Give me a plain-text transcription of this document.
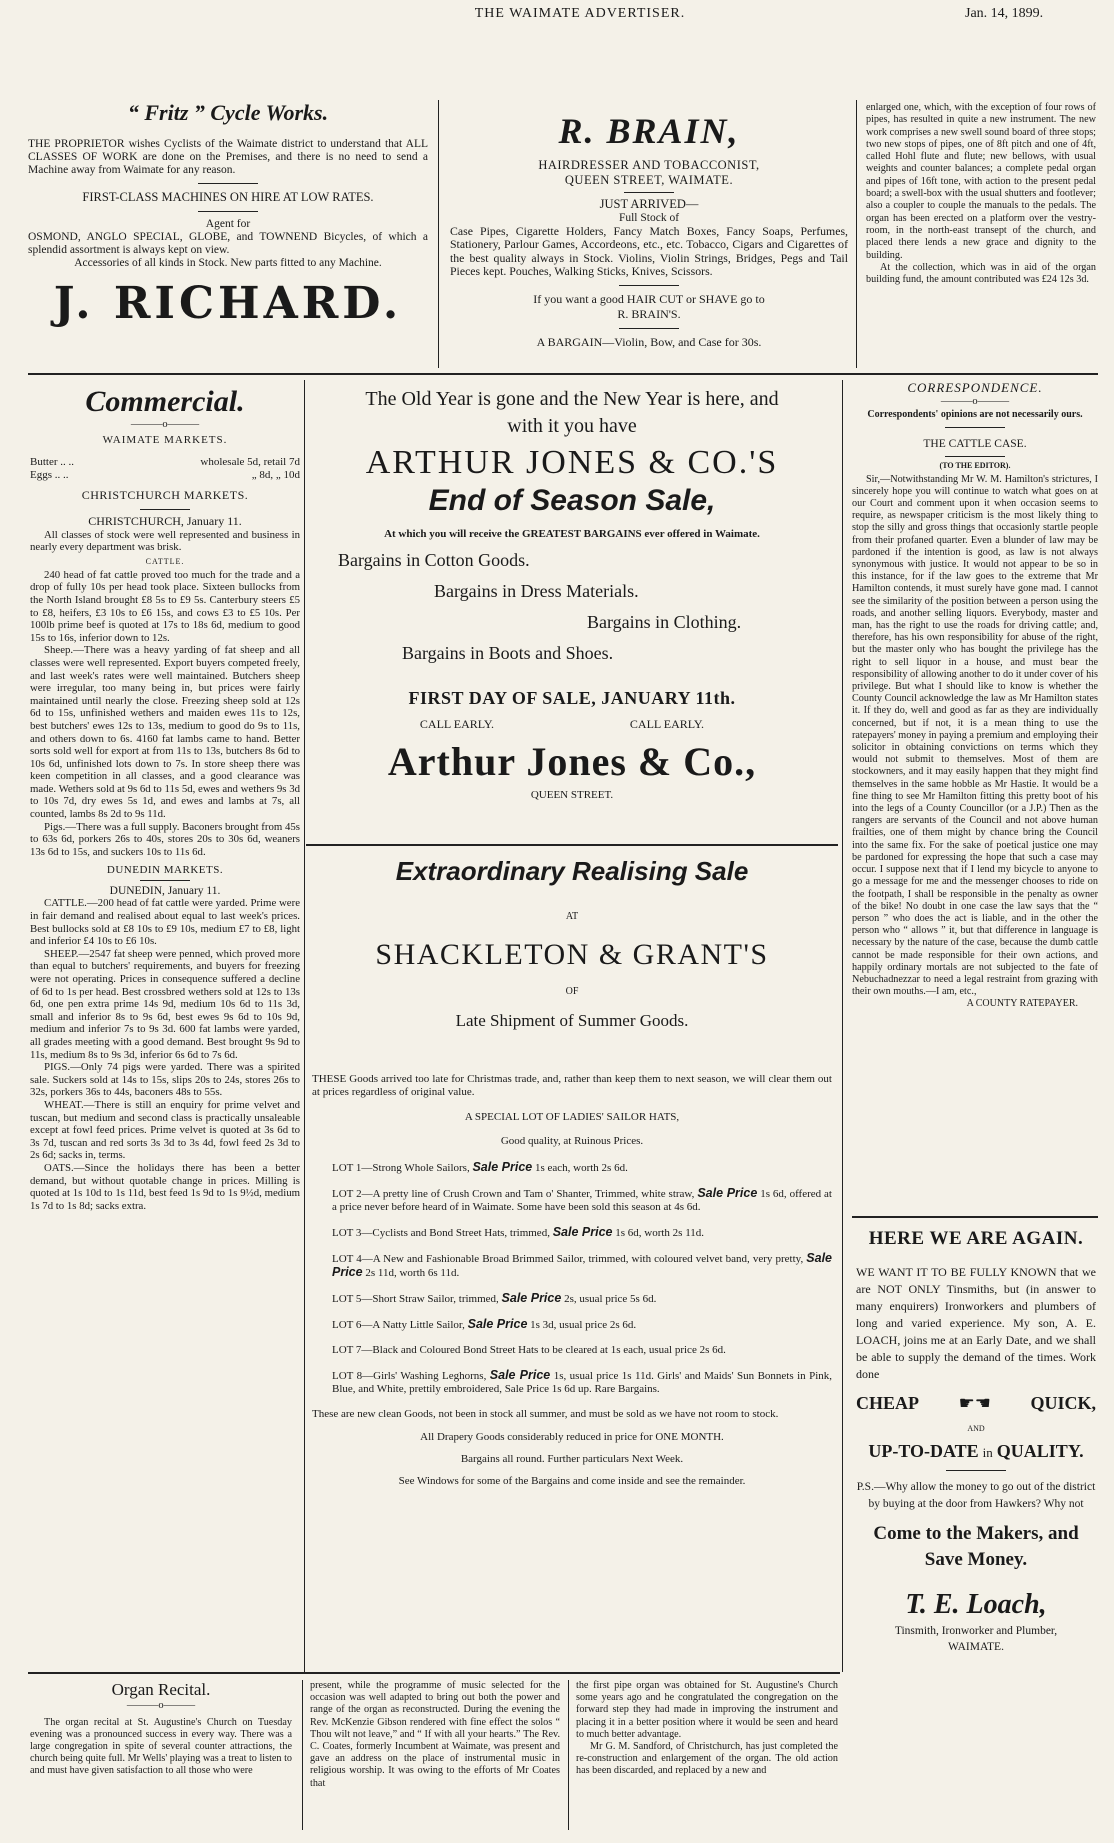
THE WAIMATE ADVERTISER.	Jan. 14, 1899.
“ Fritz ” Cycle Works.

THE PROPRIETOR wishes Cyclists of the Waimate district to understand that ALL CLASSES OF WORK are done on the Premises, and there is no need to send a Machine away from Waimate for any reason.

FIRST-CLASS MACHINES ON HIRE AT LOW RATES.

Agent for

OSMOND, ANGLO SPECIAL, GLOBE, and TOWNEND Bicycles, of which a splendid assortment is always kept on view.

Accessories of all kinds in Stock. New parts fitted to any Machine.

J. RICHARD.
R. BRAIN,

HAIRDRESSER AND TOBACCONIST,

QUEEN STREET, WAIMATE.

JUST ARRIVED—

Full Stock of

Case Pipes, Cigarette Holders, Fancy Match Boxes, Fancy Soaps, Perfumes, Stationery, Parlour Games, Accordeons, etc., etc. Tobacco, Cigars and Cigarettes of the best quality always in Stock. Violins, Violin Strings, Bridges, Pegs and Tail Pieces kept. Pouches, Walking Sticks, Knives, Scissors.

If you want a good HAIR CUT or SHAVE go to

R. BRAIN'S.

A BARGAIN—Violin, Bow, and Case for 30s.

enlarged one, which, with the exception of four rows of pipes, has resulted in quite a new instrument. The new work comprises a new swell sound board of three stops; two new stops of pipes, one of 8ft pitch and one of 4ft, called Hohl flute and flute; new bellows, with usual weights and counter balances; a complete pedal organ and pipes of 16ft tone, with action to the present pedal board; a swell-box with the usual shutters and footlever; also a coupler to couple the manuals to the pedals. The organ has been erected on a platform over the vestry-room, in the north-east transept of the church, and placed there lends a new grace and dignity to the building.

At the collection, which was in aid of the organ building fund, the amount contributed was £24 12s 3d.

Commercial.
———o———
WAIMATE MARKETS.
Butter .. ..	wholesale 5d, retail 7d
Eggs .. ..	„ 8d, „ 10d
CHRISTCHURCH MARKETS.
CHRISTCHURCH, January 11.

All classes of stock were well represented and business in nearly every department was brisk.

CATTLE.

240 head of fat cattle proved too much for the trade and a drop of fully 10s per head took place. Sixteen bullocks from the North Island brought £8 5s to £9 5s. Canterbury steers £5 to £8, heifers, £3 10s to £6 15s, and cows £3 to £5 10s. Per 100lb prime beef is quoted at 17s to 18s 6d, medium to good 15s to 16s, inferior down to 12s.

Sheep.—There was a heavy yarding of fat sheep and all classes were well represented. Export buyers competed freely, and last week's rates were well maintained. Butchers sheep were irregular, too many being in, but prices were fairly maintained until nearly the close. Freezing sheep sold at 12s 6d to 15s, unfinished wethers and maiden ewes 11s to 12s, best butchers' ewes 12s to 13s, medium to good do 9s to 11s, and others down to 6s. 4160 fat lambs came to hand. Better sorts sold well for export at from 11s to 13s, butchers 8s 6d to 10s 6d, unfinished lots down to 7s. In store sheep there was keen competition in all classes, and a good clearance was made. Wethers sold at 9s 6d to 11s 5d, ewes and wethers 9s 3d to 10s 7d, dry ewes 5s 1d, and ewes and lambs at 7s, all counted, lambs 8s 2d to 9s 11d.

Pigs.—There was a full supply. Baconers brought from 45s to 63s 6d, porkers 26s to 40s, stores 20s to 30s 6d, weaners 13s 6d to 15s, and suckers 10s to 11s 6d.

DUNEDIN MARKETS.
DUNEDIN, January 11.

CATTLE.—200 head of fat cattle were yarded. Prime were in fair demand and realised about equal to last week's prices. Best bullocks sold at £8 10s to £9 10s, medium £7 to £8, light and inferior £4 10s to £6 10s.

SHEEP.—2547 fat sheep were penned, which proved more than equal to butchers' requirements, and buyers for freezing were not operating. Prices in consequence suffered a decline of 6d to 1s per head. Best crossbred wethers sold at 12s to 13s 6d, one pen extra prime 14s 9d, medium 10s 6d to 11s 3d, small and inferior 8s to 9s 6d, best ewes 9s 6d to 10s 9d, medium and inferior 7s to 9s 3d. 600 fat lambs were yarded, all grades meeting with a good demand. Best brought 9s 9d to 11s, medium 8s to 9s 3d, inferior 6s 6d to 7s 6d.

PIGS.—Only 74 pigs were yarded. There was a spirited sale. Suckers sold at 14s to 15s, slips 20s to 24s, stores 26s to 32s, porkers 36s to 44s, baconers 48s to 55s.

WHEAT.—There is still an enquiry for prime velvet and tuscan, but medium and second class is practically unsaleable except at fowl feed prices. Prime velvet is quoted at 3s 6d to 3s 7d, tuscan and red sorts 3s 3d to 3s 4d, fowl feed 2s 3d to 2s 6d; sacks in, terms.

OATS.—Since the holidays there has been a better demand, but without quotable change in prices. Milling is quoted at 1s 10d to 1s 11d, best feed 1s 9d to 1s 9½d, medium 1s 7d to 1s 8d; sacks extra.

The Old Year is gone and the New Year is here, and
with it you have
ARTHUR JONES & CO.'S
End of Season Sale,
At which you will receive the GREATEST BARGAINS ever offered in Waimate.
Bargains in Cotton Goods.
Bargains in Dress Materials.
Bargains in Clothing.
Bargains in Boots and Shoes.
FIRST DAY OF SALE, JANUARY 11th.
CALL EARLY.	CALL EARLY.
Arthur Jones & Co.,
QUEEN STREET.
Extraordinary Realising Sale
AT
SHACKLETON & GRANT'S
OF
Late Shipment of Summer Goods.

THESE Goods arrived too late for Christmas trade, and, rather than keep them to next season, we will clear them out at prices regardless of original value.

A SPECIAL LOT OF LADIES' SAILOR HATS,

Good quality, at Ruinous Prices.

LOT 1—Strong Whole Sailors, Sale Price 1s each, worth 2s 6d.

LOT 2—A pretty line of Crush Crown and Tam o' Shanter, Trimmed, white straw, Sale Price 1s 6d, offered at a price never before heard of in Waimate. Some have been sold this season at 4s 6d.

LOT 3—Cyclists and Bond Street Hats, trimmed, Sale Price 1s 6d, worth 2s 11d.

LOT 4—A New and Fashionable Broad Brimmed Sailor, trimmed, with coloured velvet band, very pretty, Sale Price 2s 11d, worth 6s 11d.

LOT 5—Short Straw Sailor, trimmed, Sale Price 2s, usual price 5s 6d.

LOT 6—A Natty Little Sailor, Sale Price 1s 3d, usual price 2s 6d.

LOT 7—Black and Coloured Bond Street Hats to be cleared at 1s each, usual price 2s 6d.

LOT 8—Girls' Washing Leghorns, Sale Price 1s, usual price 1s 11d. Girls' and Maids' Sun Bonnets in Pink, Blue, and White, prettily embroidered, Sale Price 1s 6d up. Rare Bargains.

These are new clean Goods, not been in stock all summer, and must be sold as we have not room to stock.

All Drapery Goods considerably reduced in price for ONE MONTH.

Bargains all round. Further particulars Next Week.

See Windows for some of the Bargains and come inside and see the remainder.

CORRESPONDENCE.
———o———

Correspondents' opinions are not necessarily ours.

THE CATTLE CASE.
(TO THE EDITOR).

Sir,—Notwithstanding Mr W. M. Hamilton's strictures, I sincerely hope you will continue to watch what goes on at our Court and comment upon it when occasion seems to require, as newspaper criticism is the most likely thing to stop the silly and gross things that occasionly startle people from their profaned quarter. Even a blunder of law may be pardoned if the intention is good, as law is not always synonymous with justice. It would not appear to be so in this instance, for if the law goes to the extreme that Mr Hamilton contends, it must surely have gone mad. I cannot see the similarity of the position between a person using the roads, and another selling liquors. Everybody, master and man, has the right to use the roads for driving cattle; and, therefore, has his own responsibility for abuse of the right, but the master only who has bought the privilege has the right to sell liquor in a house, and must bear the responsibility of allowing another to do it under cover of his privilege. But what I should like to know is whether the County Council acknowledge the law as Mr Hamilton states it. If they do, well and good as far as they are individually concerned, but if not, it is a mean thing to use the ratepayers' money in paying a premium and employing their solicitor in obtaining convictions on terms which they would not submit to themselves. Most of them are stockowners, and it may easily happen that they might find themselves in the same hobble as Mr Hastie. It would be a fine thing to see Mr Hamilton fitting this pretty boot of his into the legs of a County Councillor (or a J.P.) Then as the rangers are servants of the Council and not above human frailties, one of them might by chance bring the Council into the same fix. For the sake of poetical justice one may be pardoned for expressing the hope that such a case may occur. I suppose next that if I lend my bicycle to anyone to go a message for me and the messenger chooses to ride on the footpath, I shall be responsible in the penalty as owner of the bike! No doubt in one case the law says that the “ person ” who does the act is liable, and in the other the person who “ allows ” it, but that difference in language is necessary by the nature of the case, because the dumb cattle cannot be made responsible for their own actions, and happily ordinary mortals are not subjected to the fate of Nebuchadnezzar to need a legal restraint from grazing with their own mouths.—I am, etc.,

A COUNTY RATEPAYER.

HERE WE ARE AGAIN.

WE WANT IT TO BE FULLY KNOWN that we are NOT ONLY Tinsmiths, but (in answer to many enquirers) Ironworkers and plumbers of long and varied experience. My son, A. E. LOACH, joins me at an Early Date, and we shall be able to supply the demand of the times. Work done

CHEAP ☛☚ QUICK,
AND
UP-TO-DATE in QUALITY.

P.S.—Why allow the money to go out of the district by buying at the door from Hawkers? Why not

Come to the Makers, and Save Money.

T. E. Loach,

Tinsmith, Ironworker and Plumber,

WAIMATE.

Organ Recital.
———o———

The organ recital at St. Augustine's Church on Tuesday evening was a pronounced success in every way. There was a large congregation in spite of several counter attractions, the church being quite full. Mr Wells' playing was a treat to listen to and must have given satisfaction to all those who were

present, while the programme of music selected for the occasion was well adapted to bring out both the power and range of the organ as reconstructed. During the evening the Rev. McKenzie Gibson rendered with fine effect the solos “ Thou wilt not leave,” and “ If with all your hearts.” The Rev. C. Coates, formerly Incumbent at Waimate, was present and gave an address on the place of instrumental music in religious worship. It was owing to the efforts of Mr Coates that

the first pipe organ was obtained for St. Augustine's Church some years ago and he congratulated the congregation on the forward step they had made in improving the instrument and placing it in a better position where it would be seen and heard to much better advantage.

Mr G. M. Sandford, of Christchurch, has just completed the re-construction and enlargement of the organ. The old action has been discarded, and replaced by a new and
